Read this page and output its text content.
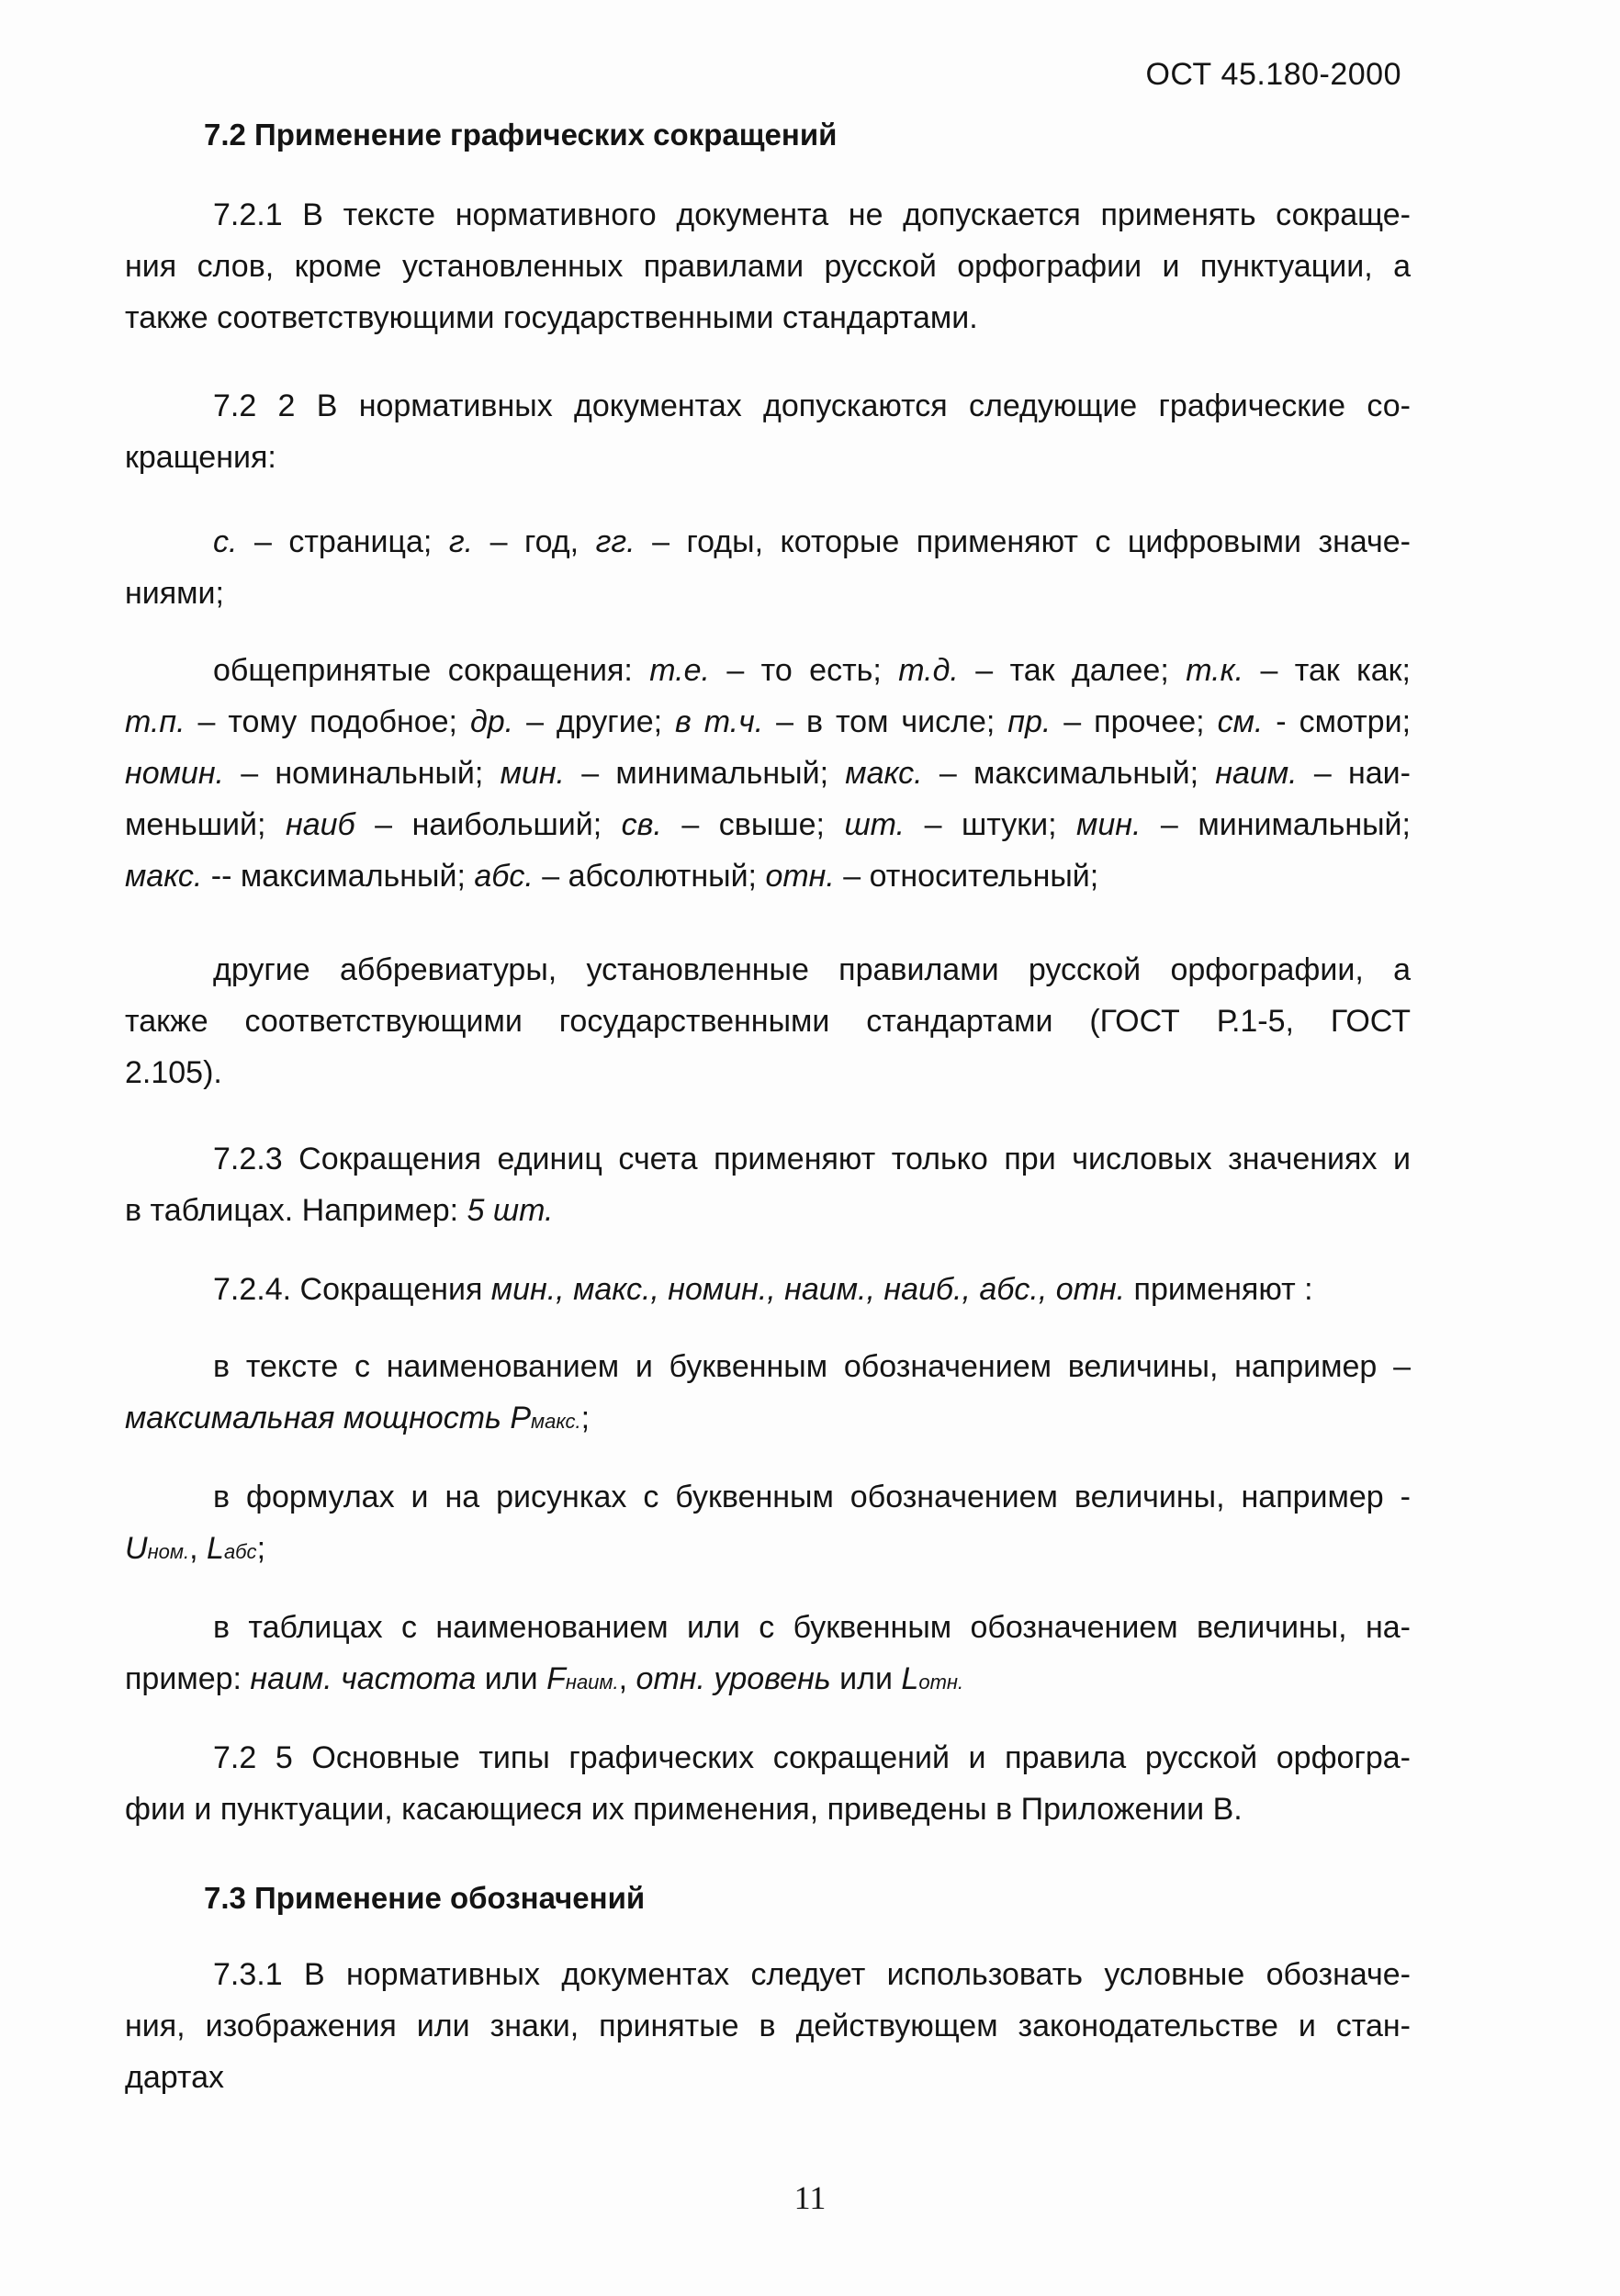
ОСТ 45.180-2000
7.2 Применение графических сокращений
7.2.1 В тексте нормативного документа не допускается применять сокраще-
ния слов, кроме установленных правилами русской орфографии и пунктуации, а
также соответствующими государственными стандартами.
7.2 2 В нормативных документах допускаются следующие графические со-
кращения:
с. – страница; г. – год, гг. – годы, которые применяют с цифровыми значе-
ниями;
общепринятые сокращения: т.е. – то есть; т.д. – так далее; т.к. – так как;
т.п. – тому подобное; др. – другие; в т.ч. – в том числе; пр. – прочее; см. - смотри;
номин. – номинальный; мин. – минимальный; макс. – максимальный; наим. – наи-
меньший; наиб – наибольший; св. – свыше; шт. – штуки; мин. – минимальный;
макс. -- максимальный; абс. – абсолютный; отн. – относительный;
другие аббревиатуры, установленные правилами русской орфографии, а
также соответствующими государственными стандартами (ГОСТ Р.1-5, ГОСТ
2.105).
7.2.3 Сокращения единиц счета применяют только при числовых значениях и
в таблицах. Например: 5 шт.
7.2.4. Сокращения мин., макс., номин., наим., наиб., абс., отн. применяют :
в тексте с наименованием и буквенным обозначением величины, например –
максимальная мощность Рмакс.;
в формулах и на рисунках с буквенным обозначением величины, например -
Uном., Lабс;
в таблицах с наименованием или с буквенным обозначением величины, на-
пример: наим. частота или Fнаим., отн. уровень или Lотн.
7.2 5 Основные типы графических сокращений и правила русской орфогра-
фии и пунктуации, касающиеся их применения, приведены в Приложении В.
7.3 Применение обозначений
7.3.1 В нормативных документах следует использовать условные обозначе-
ния, изображения или знаки, принятые в действующем законодательстве и стан-
дартах
11
